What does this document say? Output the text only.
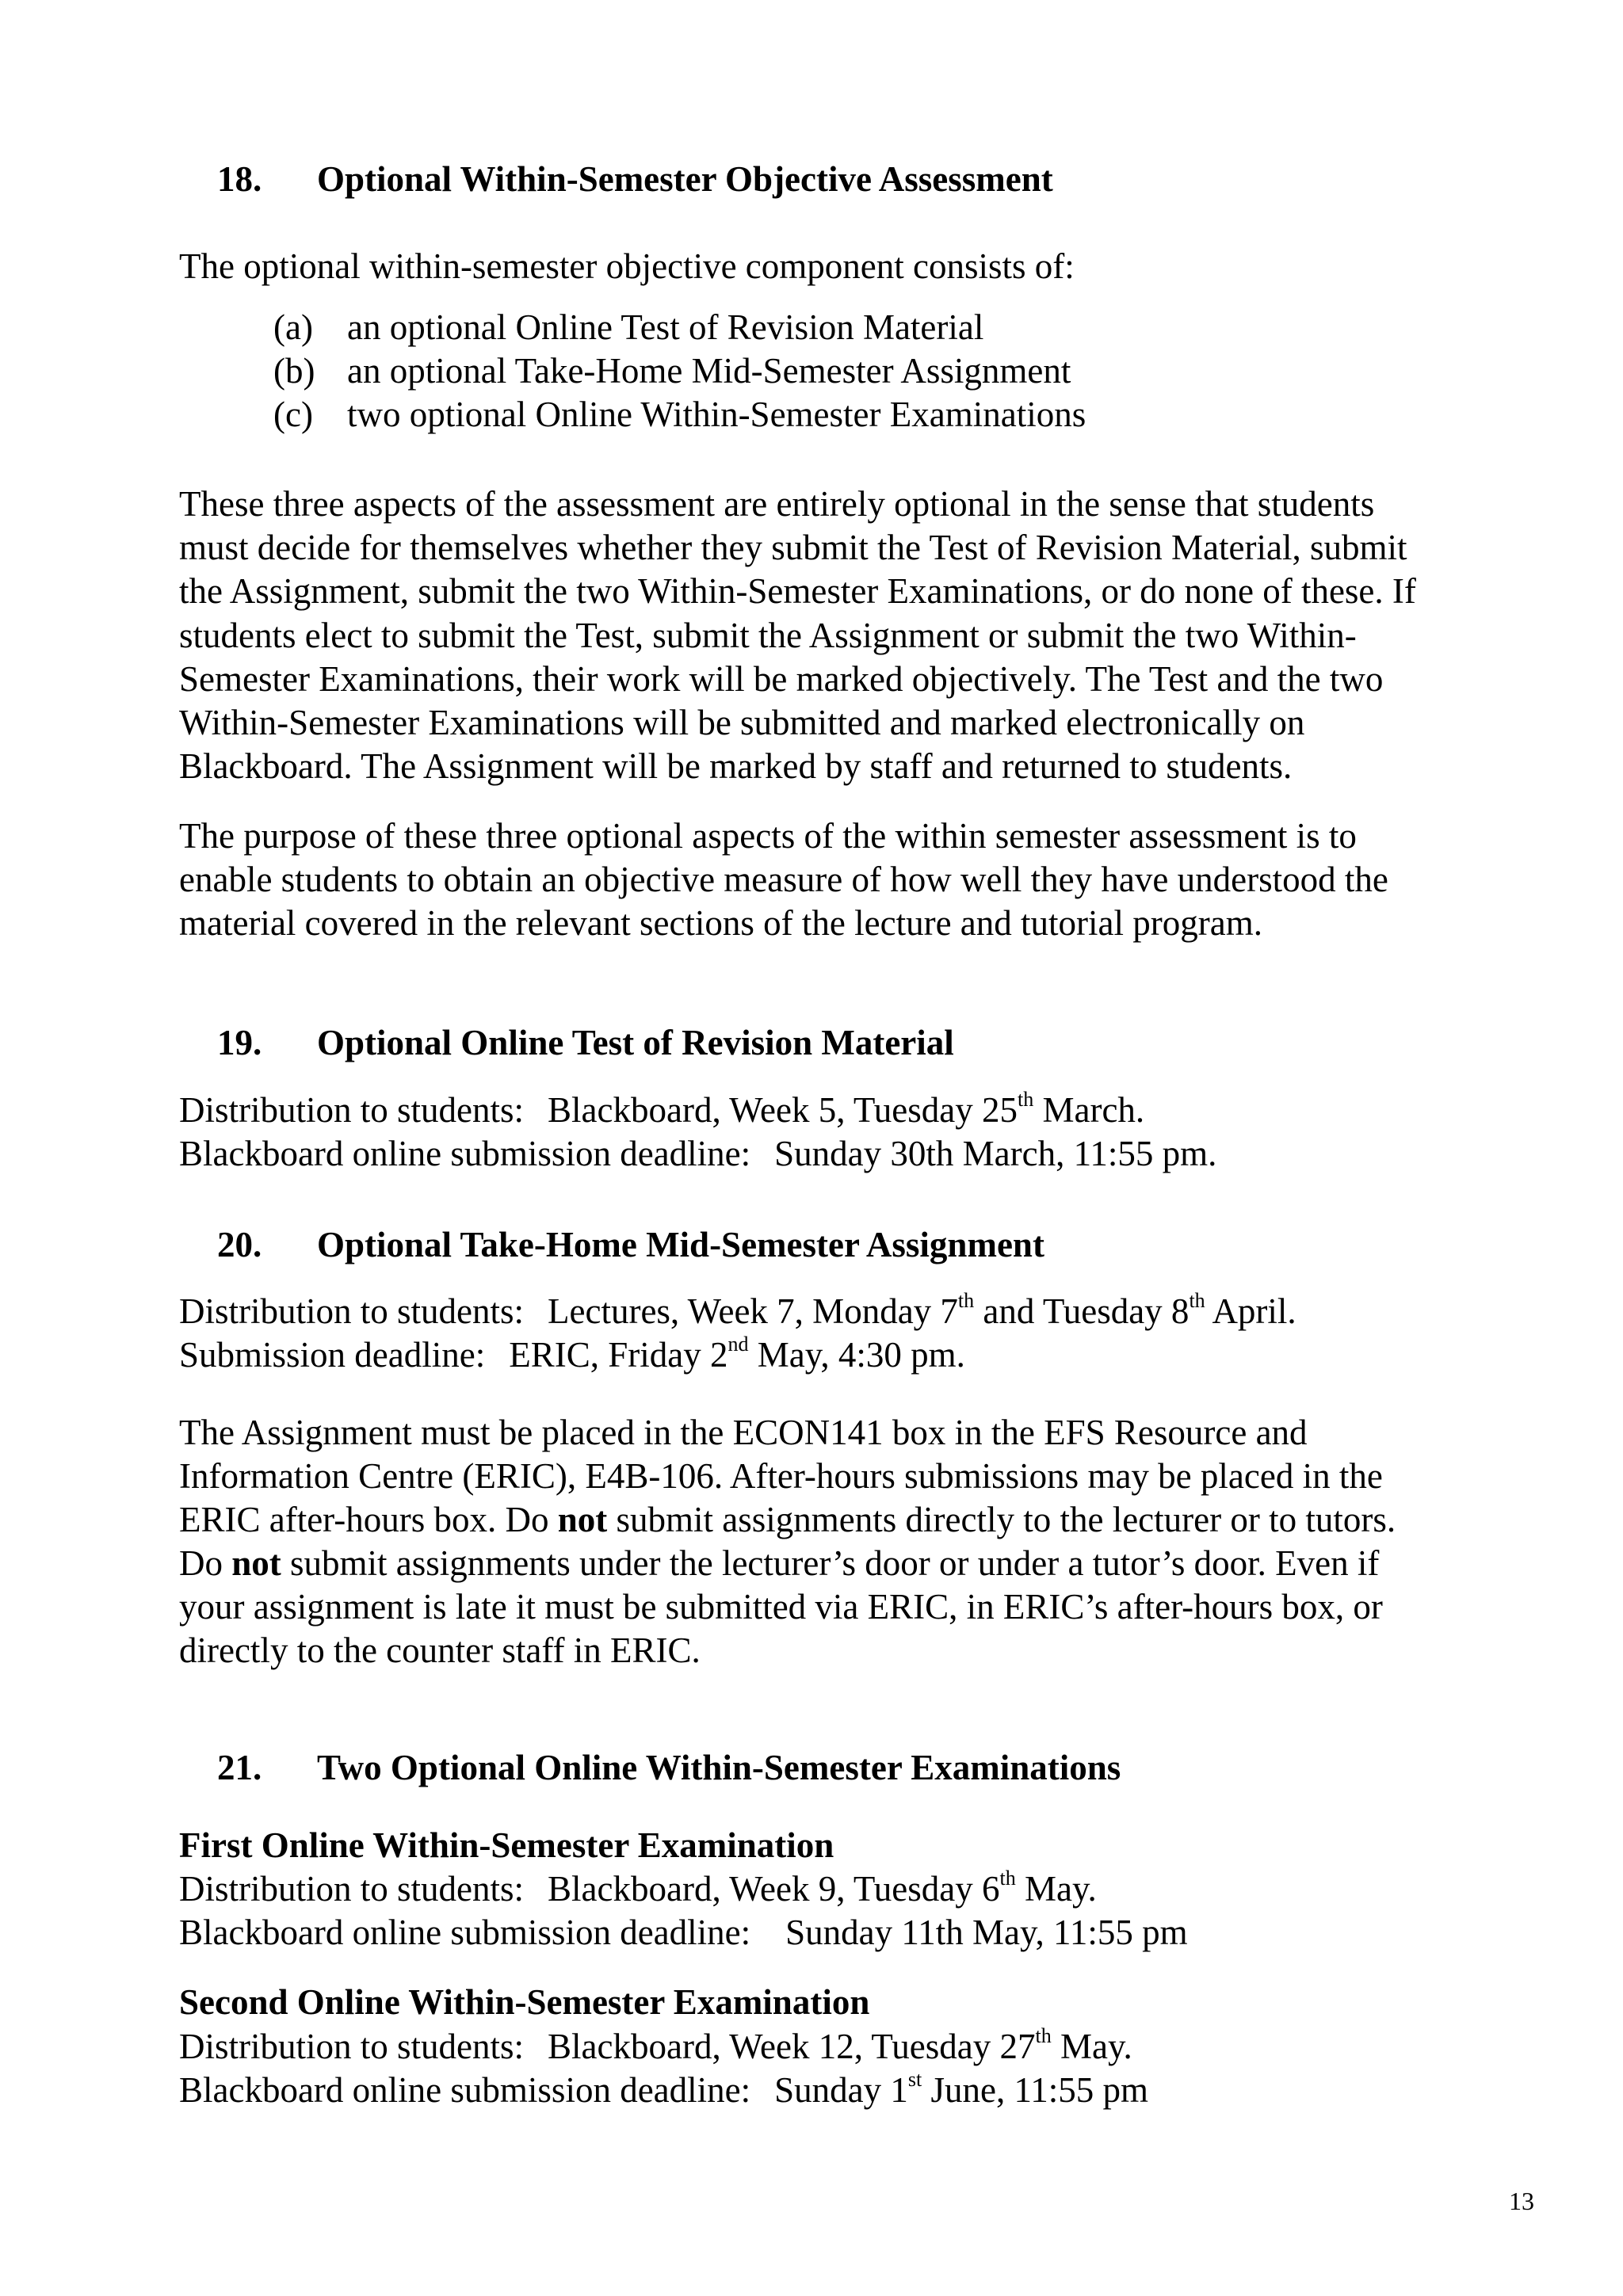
18. Optional Within-Semester Objective Assessment
The optional within-semester objective component consists of:
(a) an optional Online Test of Revision Material
(b) an optional Take-Home Mid-Semester Assignment
(c) two optional Online Within-Semester Examinations
These three aspects of the assessment are entirely optional in the sense that students
must decide for themselves whether they submit the Test of Revision Material, submit
the Assignment, submit the two Within-Semester Examinations, or do none of these. If
students elect to submit the Test, submit the Assignment or submit the two Within-
Semester Examinations, their work will be marked objectively. The Test and the two
Within-Semester Examinations will be submitted and marked electronically on
Blackboard. The Assignment will be marked by staff and returned to students.
The purpose of these three optional aspects of the within semester assessment is to
enable students to obtain an objective measure of how well they have understood the
material covered in the relevant sections of the lecture and tutorial program.
19. Optional Online Test of Revision Material
Distribution to students: Blackboard, Week 5, Tuesday 25th March.
Blackboard online submission deadline: Sunday 30th March, 11:55 pm.
20. Optional Take-Home Mid-Semester Assignment
Distribution to students: Lectures, Week 7, Monday 7th and Tuesday 8th April.
Submission deadline: ERIC, Friday 2nd May, 4:30 pm.
The Assignment must be placed in the ECON141 box in the EFS Resource and
Information Centre (ERIC), E4B-106. After-hours submissions may be placed in the
ERIC after-hours box. Do not submit assignments directly to the lecturer or to tutors.
Do not submit assignments under the lecturer’s door or under a tutor’s door. Even if
your assignment is late it must be submitted via ERIC, in ERIC’s after-hours box, or
directly to the counter staff in ERIC.
21. Two Optional Online Within-Semester Examinations
First Online Within-Semester Examination
Distribution to students: Blackboard, Week 9, Tuesday 6th May.
Blackboard online submission deadline: Sunday 11th May, 11:55 pm
Second Online Within-Semester Examination
Distribution to students: Blackboard, Week 12, Tuesday 27th May.
Blackboard online submission deadline: Sunday 1st June, 11:55 pm
13
